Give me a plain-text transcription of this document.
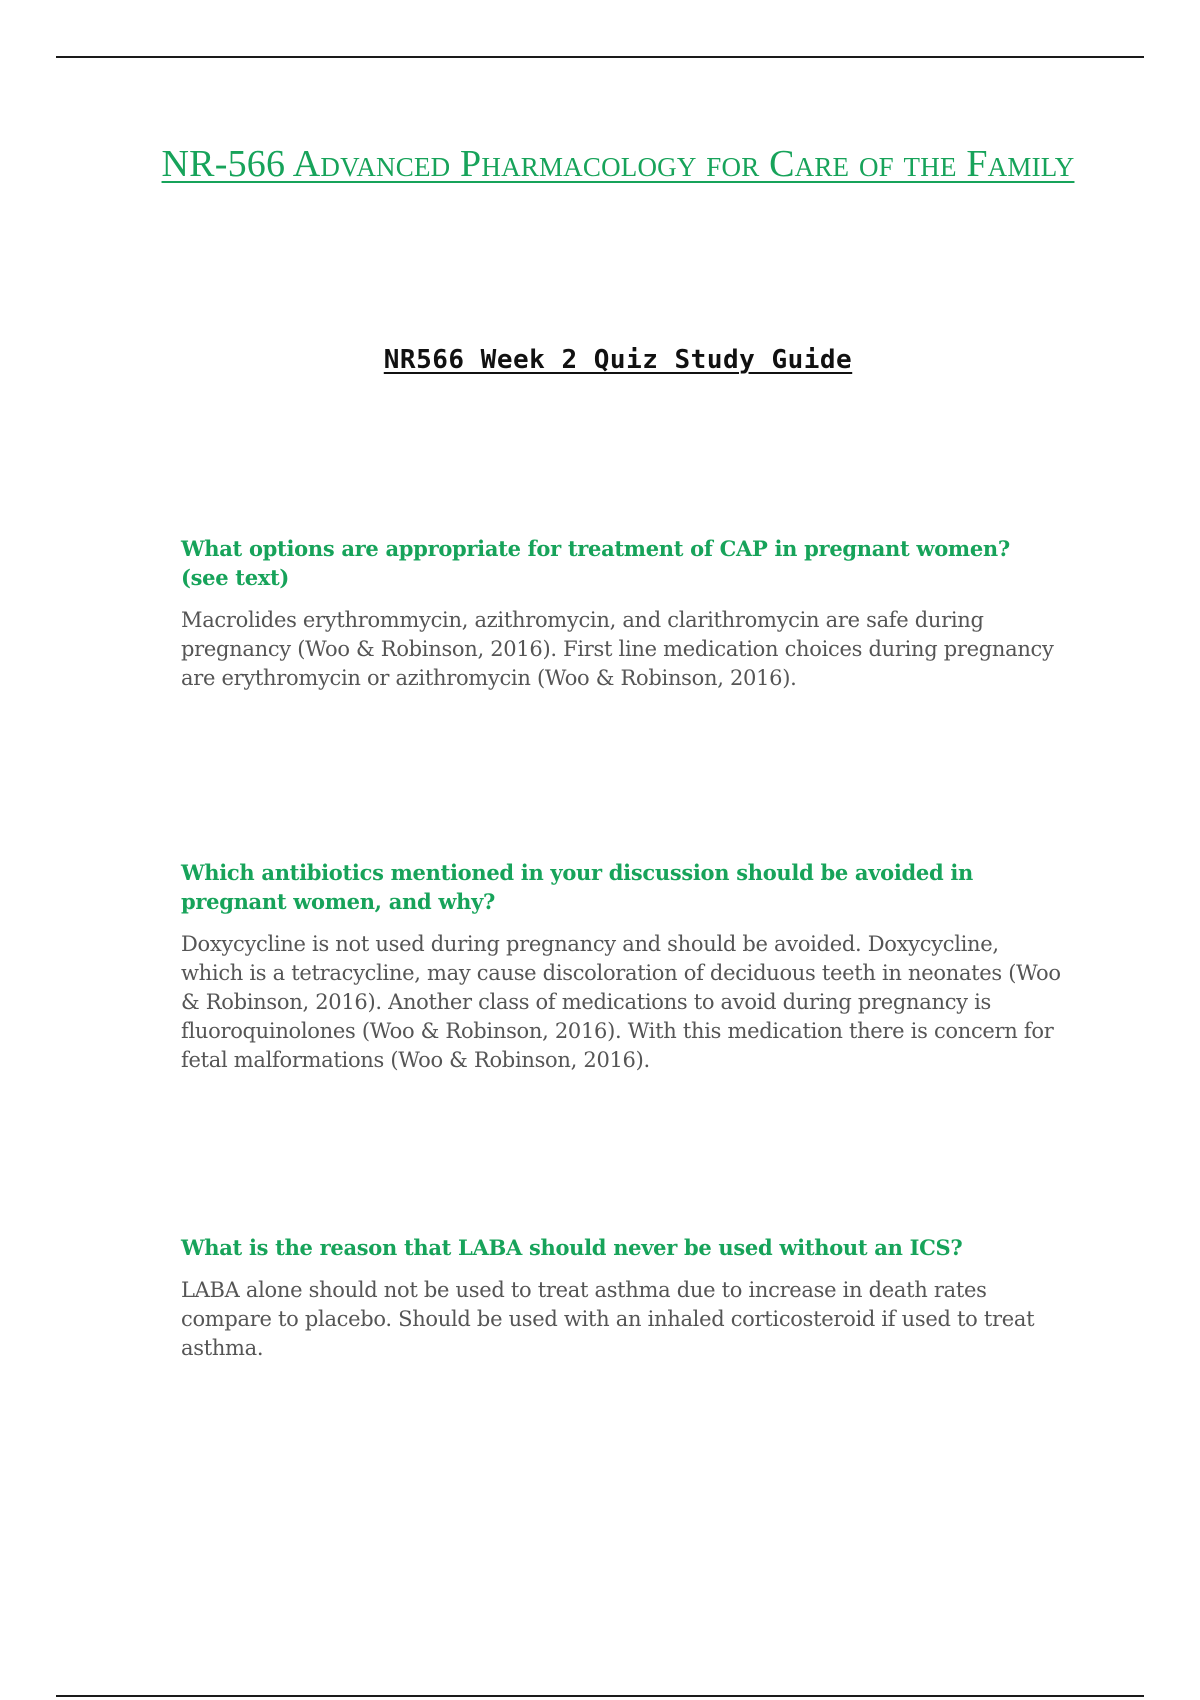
NR-566 Advanced Pharmacology for Care of the Family
NR566 Week 2 Quiz Study Guide

What options are appropriate for treatment of CAP in pregnant women? (see text)

Macrolides erythrommycin, azithromycin, and clarithromycin are safe during pregnancy (Woo & Robinson, 2016). First line medication choices during pregnancy are erythromycin or azithromycin (Woo & Robinson, 2016).

Which antibiotics mentioned in your discussion should be avoided in pregnant women, and why?

Doxycycline is not used during pregnancy and should be avoided. Doxycycline, which is a tetracycline, may cause discoloration of deciduous teeth in neonates (Woo & Robinson, 2016). Another class of medications to avoid during pregnancy is fluoroquinolones (Woo & Robinson, 2016). With this medication there is concern for fetal malformations (Woo & Robinson, 2016).

What is the reason that LABA should never be used without an ICS?

LABA alone should not be used to treat asthma due to increase in death rates compare to placebo. Should be used with an inhaled corticosteroid if used to treat asthma.
